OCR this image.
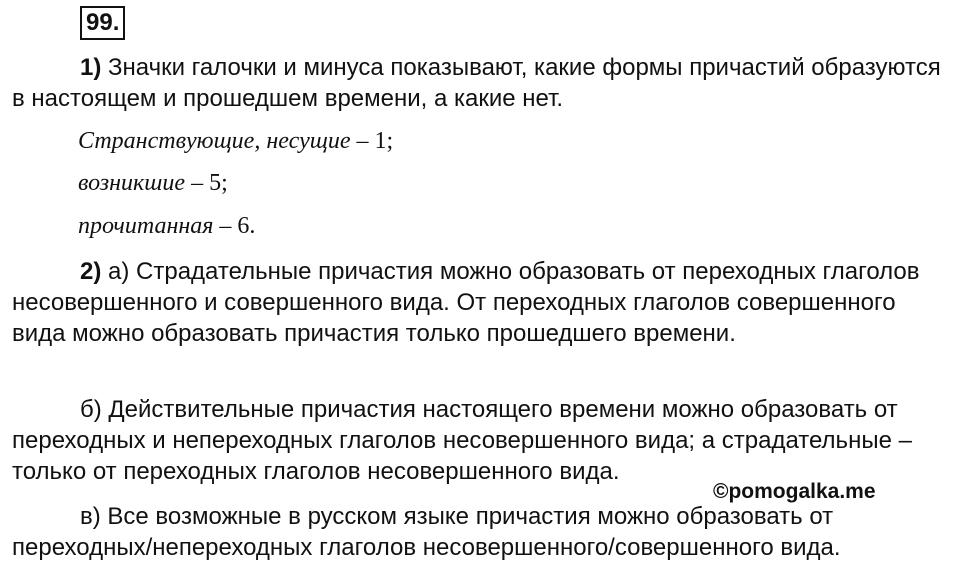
99.

1) Значки галочки и минуса показывают, какие формы причастий образуются в настоящем и прошедшем времени, а какие нет.

Странствующие, несущие – 1;
возникшие – 5;
прочитанная – 6.

2) а) Страдательные причастия можно образовать от переходных глаголов несовершенного и совершенного вида. От переходных глаголов совершенного вида можно образовать причастия только прошедшего времени.

б) Действительные причастия настоящего времени можно образовать от переходных и непереходных глаголов несовершенного вида; а страдательные – только от переходных глаголов несовершенного вида.

©pomogalka.me

в) Все возможные в русском языке причастия можно образовать от переходных/непереходных глаголов несовершенного/совершенного вида.
